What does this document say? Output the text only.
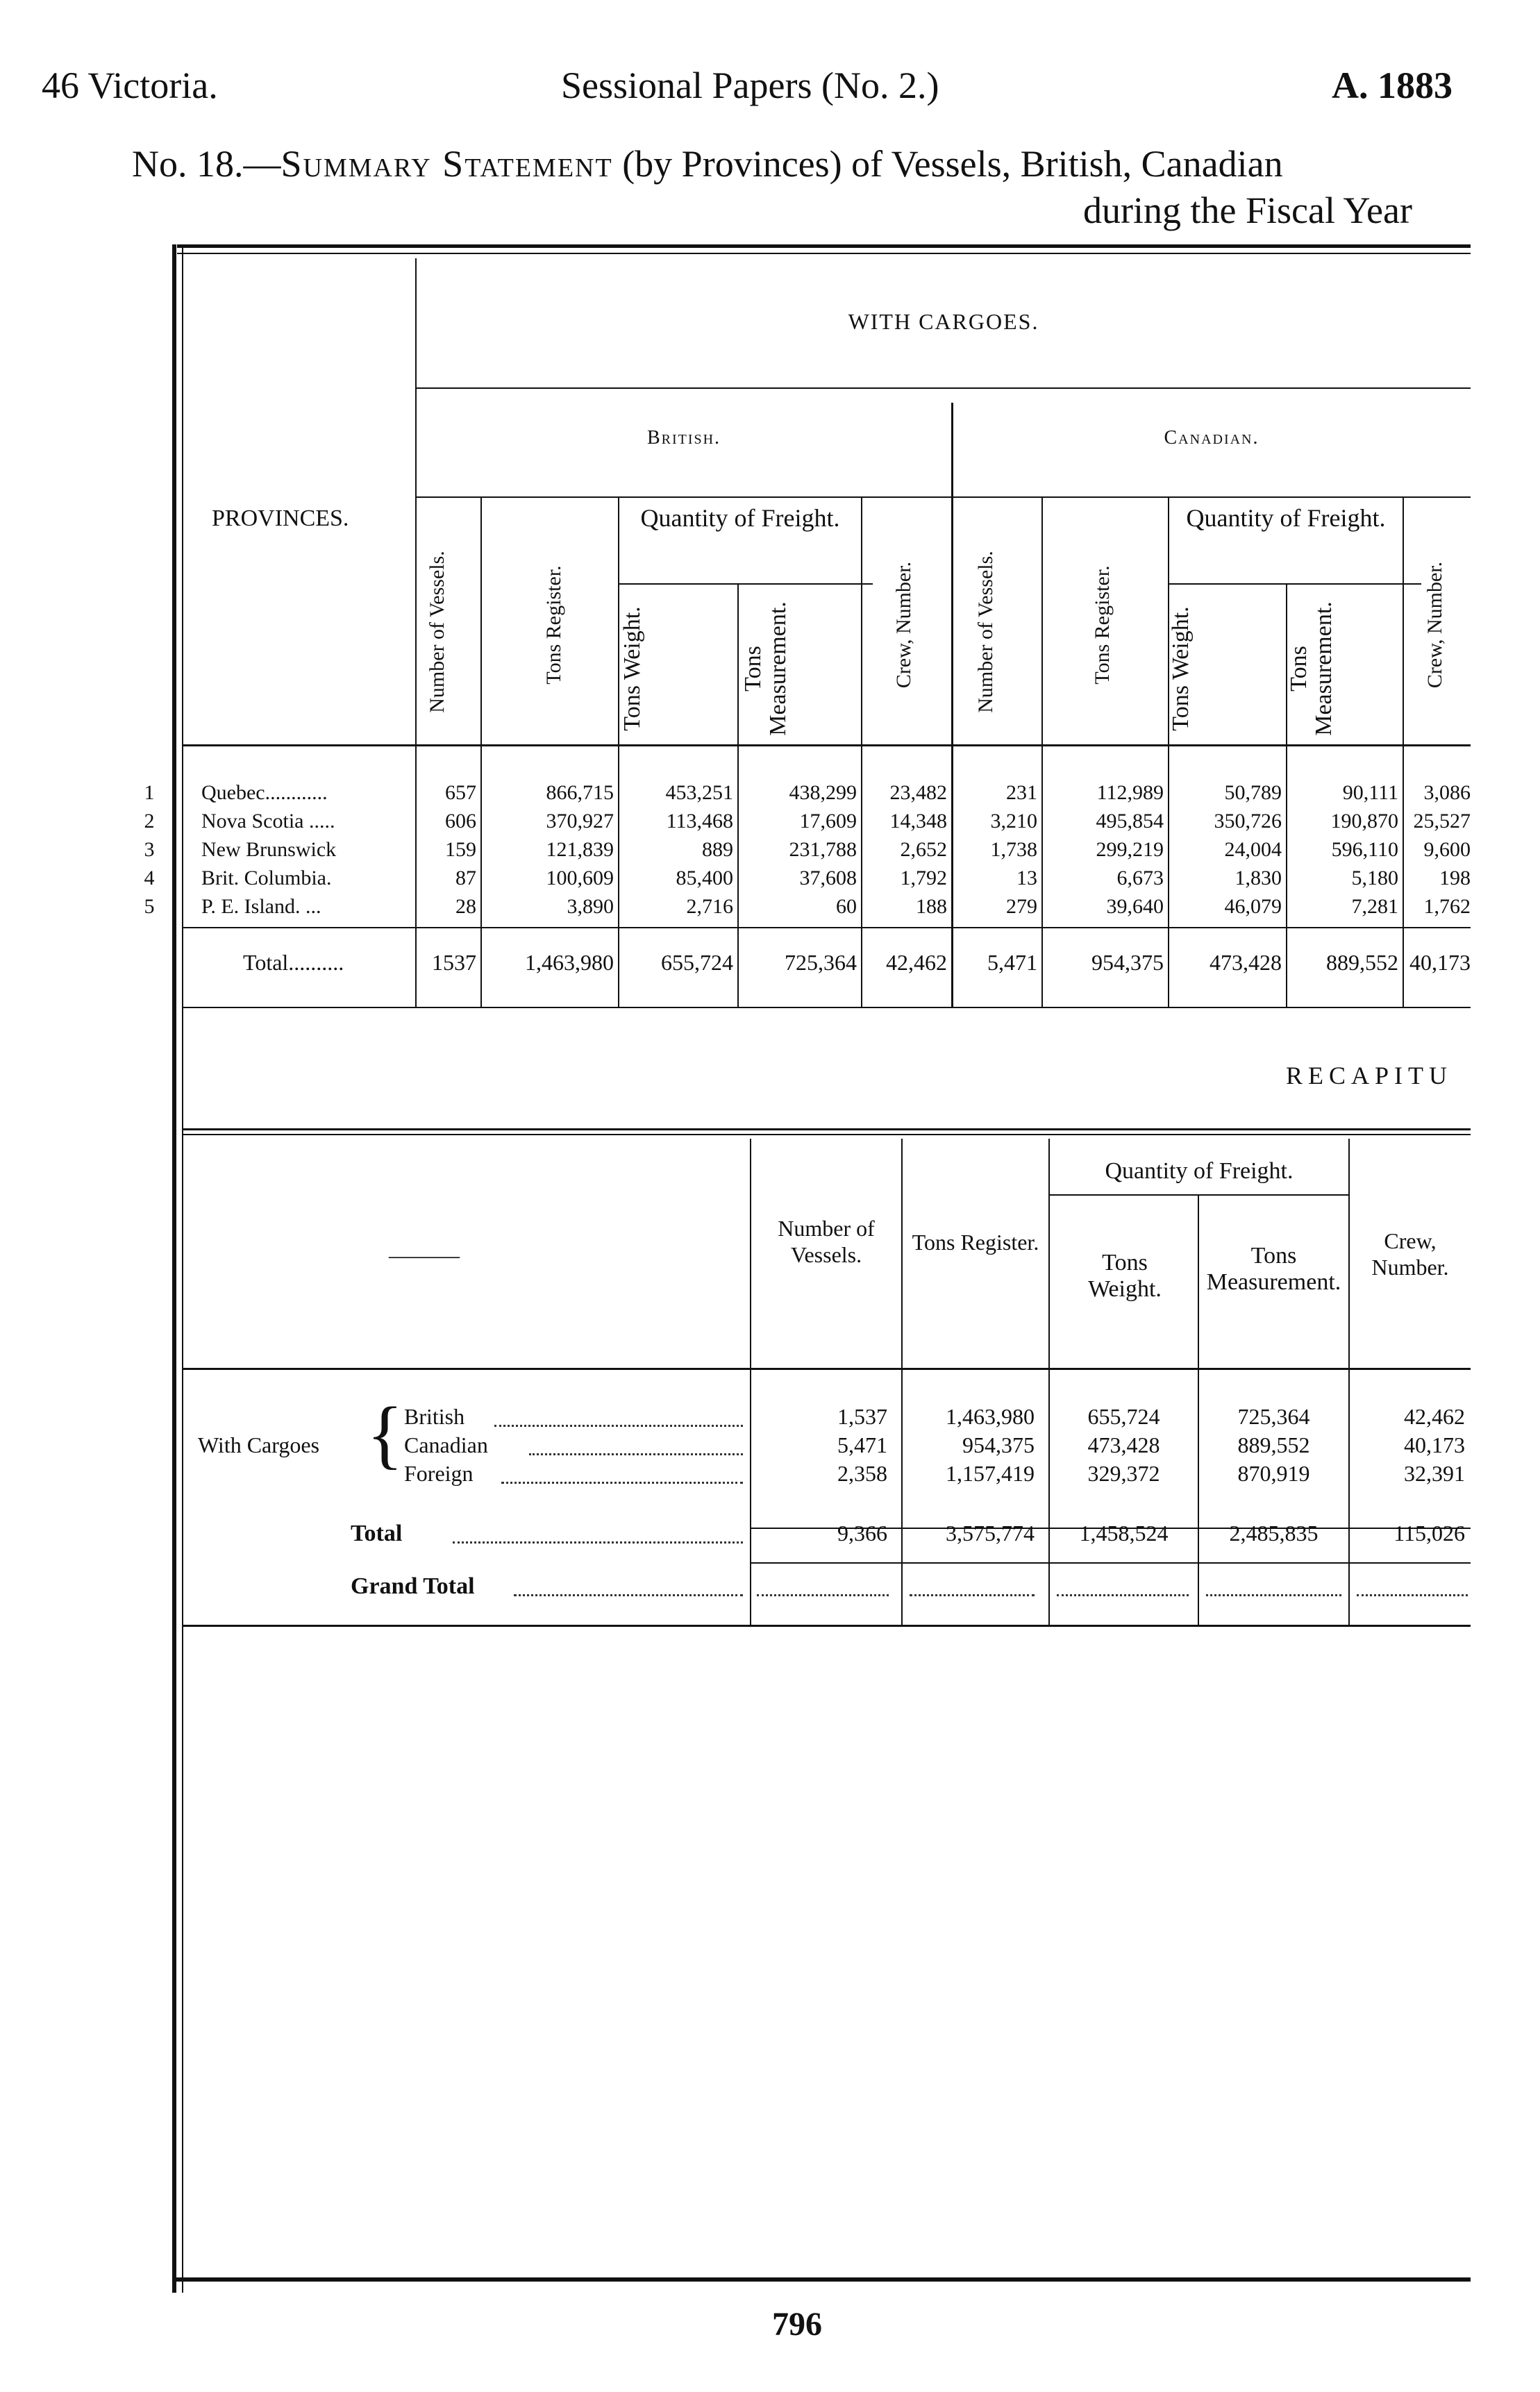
46 Victoria.	Sessional Papers (No. 2.)	A. 1883
No. 18.—Summary Statement (by Provinces) of Vessels, British, Canadian
during the Fiscal Year
WITH CARGOES.
British.	Canadian.
PROVINCES.
Number of Vessels.	Tons Register.
Quantity of Freight.
Tons Weight.	Tons Measurement.	Crew, Number.	Number of Vessels.	Tons Register.
Quantity of Freight.
Tons Weight.	Tons Measurement.	Crew, Number.
1
2
3
4
5
Quebec............	657	866,715	453,251	438,299	23,482	231	112,989	50,789	90,111	3,086
Nova Scotia .....	606	370,927	113,468	17,609	14,348	3,210	495,854	350,726	190,870 25,527
New Brunswick	159	121,839	889	231,788	2,652	1,738	299,219	24,004	596,110	9,600
Brit. Columbia.	87	100,609	85,400	37,608	1,792	13	6,673	1,830	5,180	198
P. E. Island. ...	28	3,890	2,716	60	188	279	39,640	46,079	7,281	1,762
Total..........	1537	1,463,980	655,724	725,364	42,462	5,471	954,375	473,428	889,552 40,173
RECAPITU
———
Number of Vessels.	Tons Register.
Quantity of Freight.
Tons Weight.
Tons Measurement.
Crew, Number.
With Cargoes { British	1,537	1,463,980	655,724	725,364	42,462
Canadian	5,471	954,375	473,428	889,552	40,173
Foreign	2,358	1,157,419	329,372	870,919	32,391
Total	9,366	3,575,774	1,458,524	2,485,835	115,026
Grand Total
796
